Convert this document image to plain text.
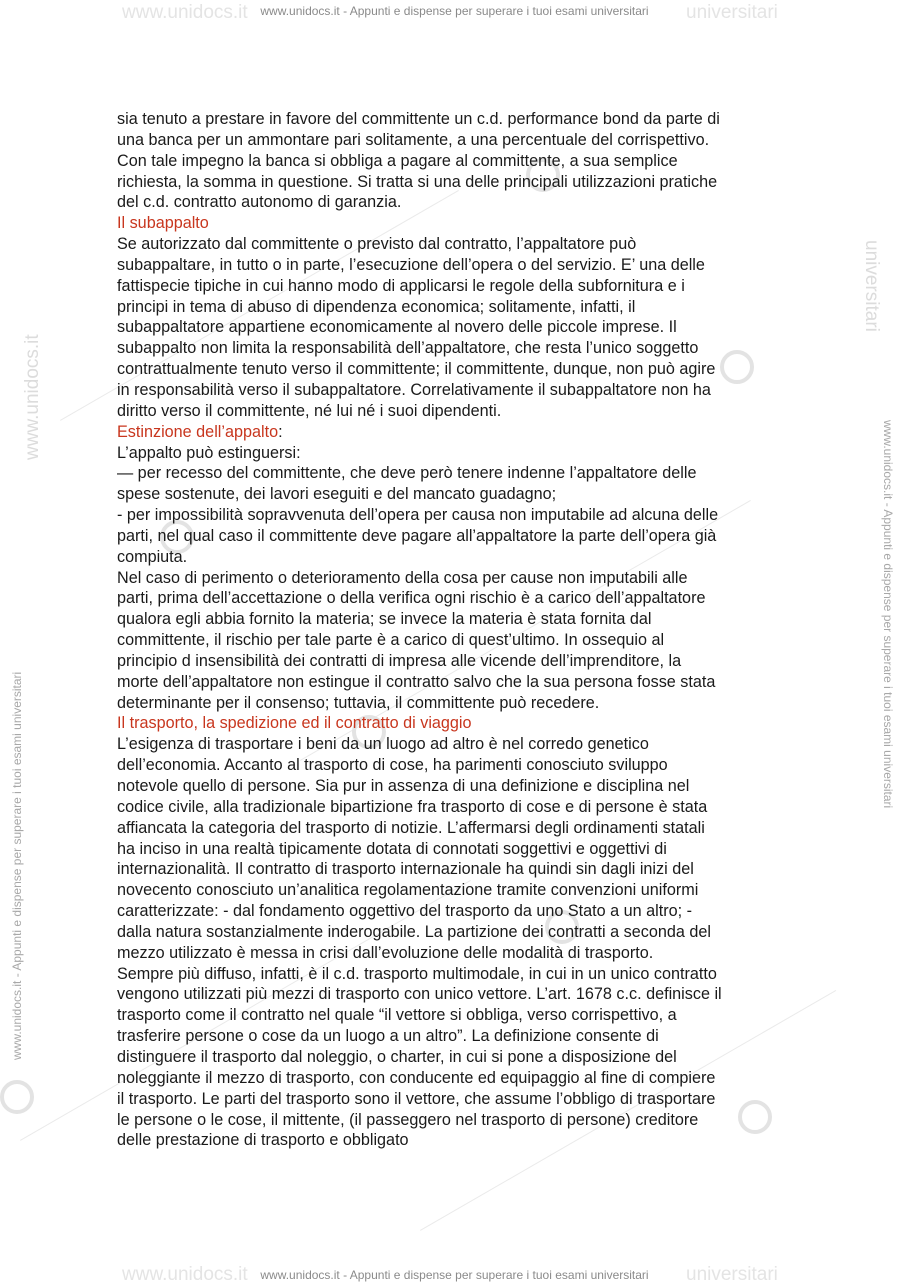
www.unidocs.it	universitari
www.unidocs.it	universitari
www.unidocs.it - Appunti e dispense per superare i tuoi esami universitari
www.unidocs.it - Appunti e dispense per superare i tuoi esami universitari
www.unidocs.it - Appunti e dispense per superare i tuoi esami universitari
www.unidocs.it - Appunti e dispense per superare i tuoi esami universitari
www.unidocs.it
universitari
sia tenuto a prestare in favore del committente un c.d. performance bond da parte di
una banca per un ammontare pari solitamente, a una percentuale del corrispettivo.
Con tale impegno la banca si obbliga a pagare al committente, a sua semplice
richiesta, la somma in questione. Si tratta si una delle principali utilizzazioni pratiche
del c.d. contratto autonomo di garanzia.
Il subappalto
Se autorizzato dal committente o previsto dal contratto, l’appaltatore può
subappaltare, in tutto o in parte, l’esecuzione dell’opera o del servizio. E’ una delle
fattispecie tipiche in cui hanno modo di applicarsi le regole della subfornitura e i
principi in tema di abuso di dipendenza economica; solitamente, infatti, il
subappaltatore appartiene economicamente al novero delle piccole imprese. Il
subappalto non limita la responsabilità dell’appaltatore, che resta l’unico soggetto
contrattualmente tenuto verso il committente; il committente, dunque, non può agire
in responsabilità verso il subappaltatore. Correlativamente il subappaltatore non ha
diritto verso il committente, né lui né i suoi dipendenti.
Estinzione dell’appalto:
L’appalto può estinguersi:
— per recesso del committente, che deve però tenere indenne l’appaltatore delle
spese sostenute, dei lavori eseguiti e del mancato guadagno;
- per impossibilità sopravvenuta dell’opera per causa non imputabile ad alcuna delle
parti, nel qual caso il committente deve pagare all’appaltatore la parte dell’opera già
compiuta.
Nel caso di perimento o deterioramento della cosa per cause non imputabili alle
parti, prima dell’accettazione o della verifica ogni rischio è a carico dell’appaltatore
qualora egli abbia fornito la materia; se invece la materia è stata fornita dal
committente, il rischio per tale parte è a carico di quest’ultimo. In ossequio al
principio d insensibilità dei contratti di impresa alle vicende dell’imprenditore, la
morte dell’appaltatore non estingue il contratto salvo che la sua persona fosse stata
determinante per il consenso; tuttavia, il committente può recedere.
Il trasporto, la spedizione ed il contratto di viaggio
L’esigenza di trasportare i beni da un luogo ad altro è nel corredo genetico
dell’economia. Accanto al trasporto di cose, ha parimenti conosciuto sviluppo
notevole quello di persone. Sia pur in assenza di una definizione e disciplina nel
codice civile, alla tradizionale bipartizione fra trasporto di cose e di persone è stata
affiancata la categoria del trasporto di notizie. L’affermarsi degli ordinamenti statali
ha inciso in una realtà tipicamente dotata di connotati soggettivi e oggettivi di
internazionalità. Il contratto di trasporto internazionale ha quindi sin dagli inizi del
novecento conosciuto un’analitica regolamentazione tramite convenzioni uniformi
caratterizzate: - dal fondamento oggettivo del trasporto da uno Stato a un altro; -
dalla natura sostanzialmente inderogabile. La partizione dei contratti a seconda del
mezzo utilizzato è messa in crisi dall’evoluzione delle modalità di trasporto.
Sempre più diffuso, infatti, è il c.d. trasporto multimodale, in cui in un unico contratto
vengono utilizzati più mezzi di trasporto con unico vettore. L’art. 1678 c.c. definisce il
trasporto come il contratto nel quale “il vettore si obbliga, verso corrispettivo, a
trasferire persone o cose da un luogo a un altro”. La definizione consente di
distinguere il trasporto dal noleggio, o charter, in cui si pone a disposizione del
noleggiante il mezzo di trasporto, con conducente ed equipaggio al fine di compiere
il trasporto. Le parti del trasporto sono il vettore, che assume l’obbligo di trasportare
le persone o le cose, il mittente, (il passeggero nel trasporto di persone) creditore
delle prestazione di trasporto e obbligato
